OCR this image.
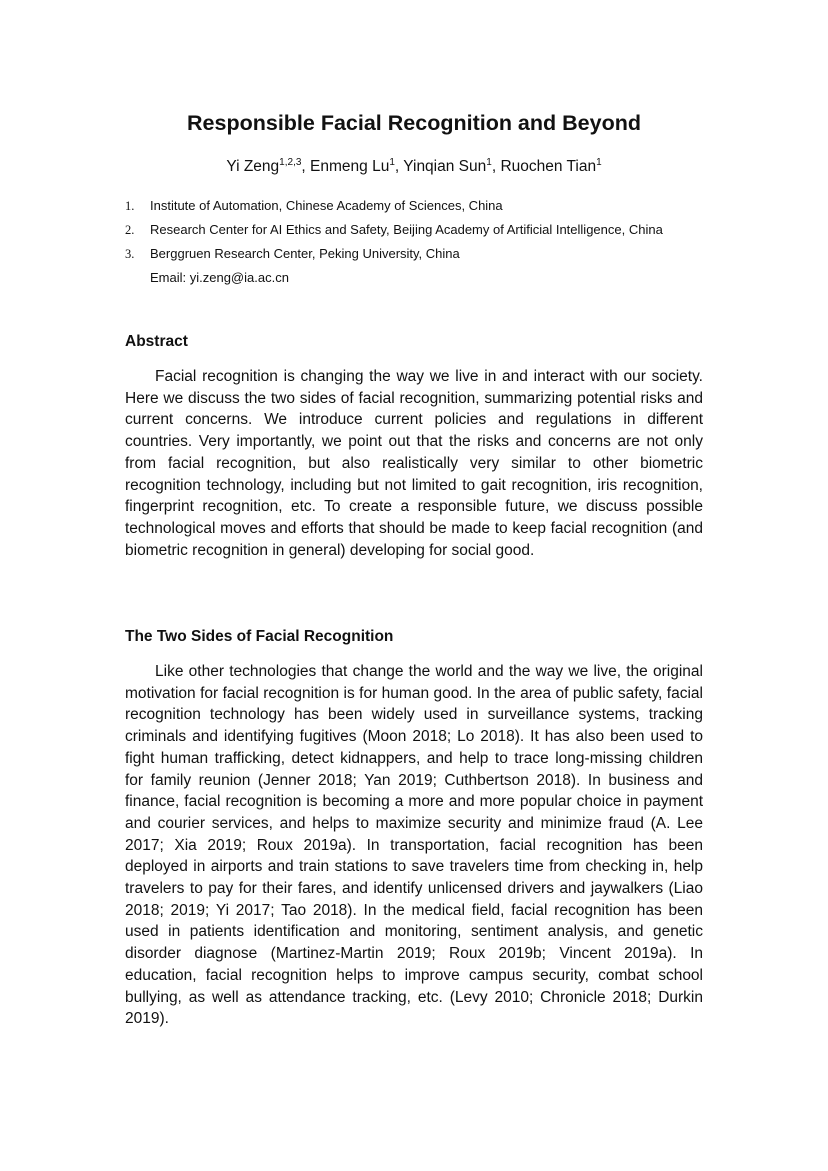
Responsible Facial Recognition and Beyond
Yi Zeng$^{1,2,3}$, Enmeng Lu$^1$, Yinqian Sun$^1$, Ruochen Tian$^1$
1. Institute of Automation, Chinese Academy of Sciences, China
2. Research Center for AI Ethics and Safety, Beijing Academy of Artificial Intelligence, China
3. Berggruen Research Center, Peking University, China
Email: yi.zeng@ia.ac.cn
Abstract

Facial recognition is changing the way we live in and interact with our society. Here we discuss the two sides of facial recognition, summarizing potential risks and current concerns. We introduce current policies and regulations in different countries. Very importantly, we point out that the risks and concerns are not only from facial recognition, but also realistically very similar to other biometric recognition technology, including but not limited to gait recognition, iris recognition, fingerprint recognition, etc. To create a responsible future, we discuss possible technological moves and efforts that should be made to keep facial recognition (and biometric recognition in general) developing for social good.

The Two Sides of Facial Recognition

Like other technologies that change the world and the way we live, the original motivation for facial recognition is for human good. In the area of public safety, facial recognition technology has been widely used in surveillance systems, tracking criminals and identifying fugitives (Moon 2018; Lo 2018). It has also been used to fight human trafficking, detect kidnappers, and help to trace long-missing children for family reunion (Jenner 2018; Yan 2019; Cuthbertson 2018). In business and finance, facial recognition is becoming a more and more popular choice in payment and courier services, and helps to maximize security and minimize fraud (A. Lee 2017; Xia 2019; Roux 2019a). In transportation, facial recognition has been deployed in airports and train stations to save travelers time from checking in, help travelers to pay for their fares, and identify unlicensed drivers and jaywalkers (Liao 2018; 2019; Yi 2017; Tao 2018). In the medical field, facial recognition has been used in patients identification and monitoring, sentiment analysis, and genetic disorder diagnose (Martinez-Martin 2019; Roux 2019b; Vincent 2019a). In education, facial recognition helps to improve campus security, combat school bullying, as well as attendance tracking, etc. (Levy 2010; Chronicle 2018; Durkin 2019).
